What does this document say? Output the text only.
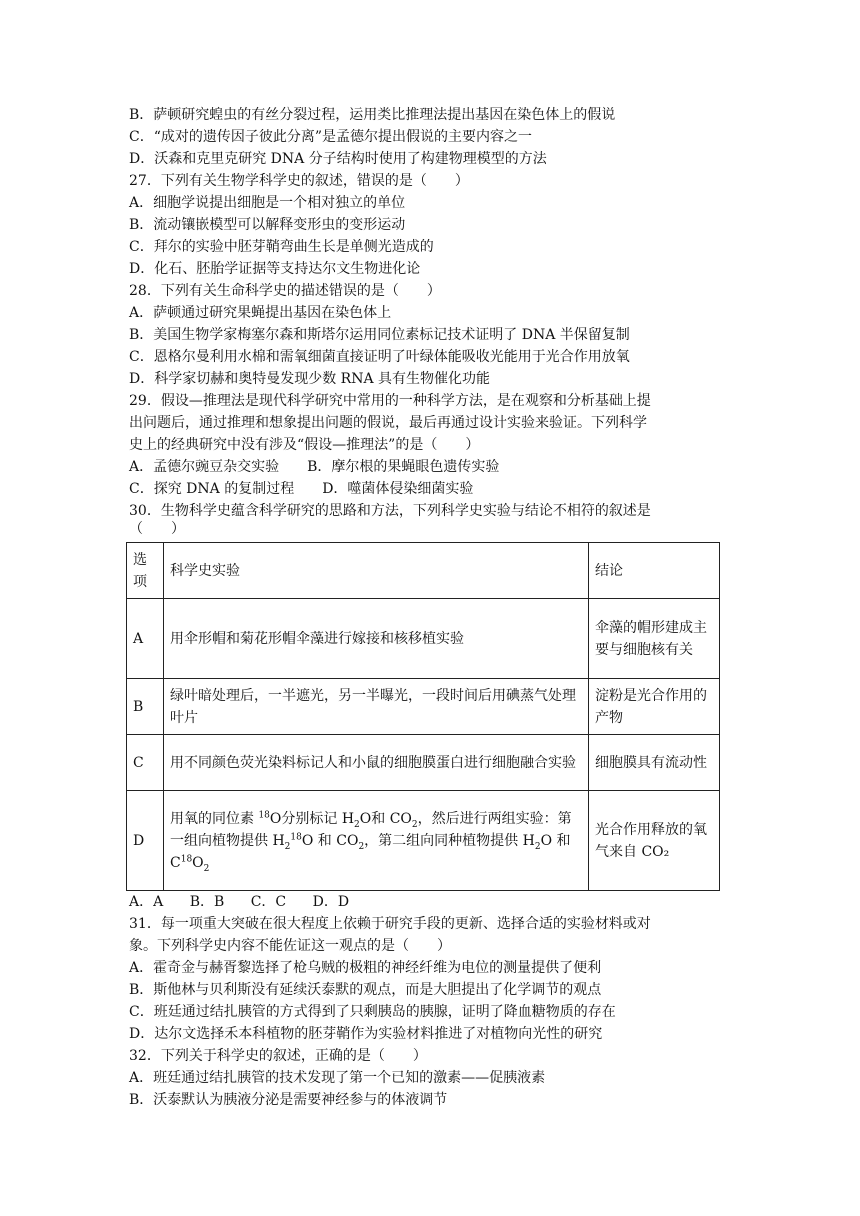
B．萨顿研究蝗虫的有丝分裂过程，运用类比推理法提出基因在染色体上的假说
C．“成对的遗传因子彼此分离”是孟德尔提出假说的主要内容之一
D．沃森和克里克研究 DNA 分子结构时使用了构建物理模型的方法
27．下列有关生物学科学史的叙述，错误的是（　　）
A．细胞学说提出细胞是一个相对独立的单位
B．流动镶嵌模型可以解释变形虫的变形运动
C．拜尔的实验中胚芽鞘弯曲生长是单侧光造成的
D．化石、胚胎学证据等支持达尔文生物进化论
28．下列有关生命科学史的描述错误的是（　　）
A．萨顿通过研究果蝇提出基因在染色体上
B．美国生物学家梅塞尔森和斯塔尔运用同位素标记技术证明了 DNA 半保留复制
C．恩格尔曼利用水棉和需氧细菌直接证明了叶绿体能吸收光能用于光合作用放氧
D．科学家切赫和奥特曼发现少数 RNA 具有生物催化功能
29．假设—推理法是现代科学研究中常用的一种科学方法，是在观察和分析基础上提
出问题后，通过推理和想象提出问题的假说，最后再通过设计实验来验证。下列科学
史上的经典研究中没有涉及“假设—推理法”的是（　　）
A．孟德尔豌豆杂交实验　　B．摩尔根的果蝇眼色遗传实验
C．探究 DNA 的复制过程　　D．噬菌体侵染细菌实验
30．生物科学史蕴含科学研究的思路和方法，下列科学史实验与结论不相符的叙述是
（　　）
选项	科学史实验	结论
A	用伞形帽和菊花形帽伞藻进行嫁接和核移植实验	伞藻的帽形建成主要与细胞核有关
B	绿叶暗处理后，一半遮光，另一半曝光，一段时间后用碘蒸气处理叶片	淀粉是光合作用的产物
C	用不同颜色荧光染料标记人和小鼠的细胞膜蛋白进行细胞融合实验	细胞膜具有流动性
D	用氧的同位素 $^{18}$O分别标记 $H_2O$和 $CO_2$，然后进行两组实验：第一组向植物提供 $H_2^{18}O$ 和 $CO_2$，第二组向同种植物提供 $H_2O$ 和 $C^{18}O_2$	光合作用释放的氧气来自 CO₂
A．A B．B C．C D．D
31．每一项重大突破在很大程度上依赖于研究手段的更新、选择合适的实验材料或对
象。下列科学史内容不能佐证这一观点的是（　　）
A．霍奇金与赫胥黎选择了枪乌贼的极粗的神经纤维为电位的测量提供了便利
B．斯他林与贝利斯没有延续沃泰默的观点，而是大胆提出了化学调节的观点
C．班廷通过结扎胰管的方式得到了只剩胰岛的胰腺，证明了降血糖物质的存在
D．达尔文选择禾本科植物的胚芽鞘作为实验材料推进了对植物向光性的研究
32．下列关于科学史的叙述，正确的是（　　）
A．班廷通过结扎胰管的技术发现了第一个已知的激素——促胰液素
B．沃泰默认为胰液分泌是需要神经参与的体液调节
